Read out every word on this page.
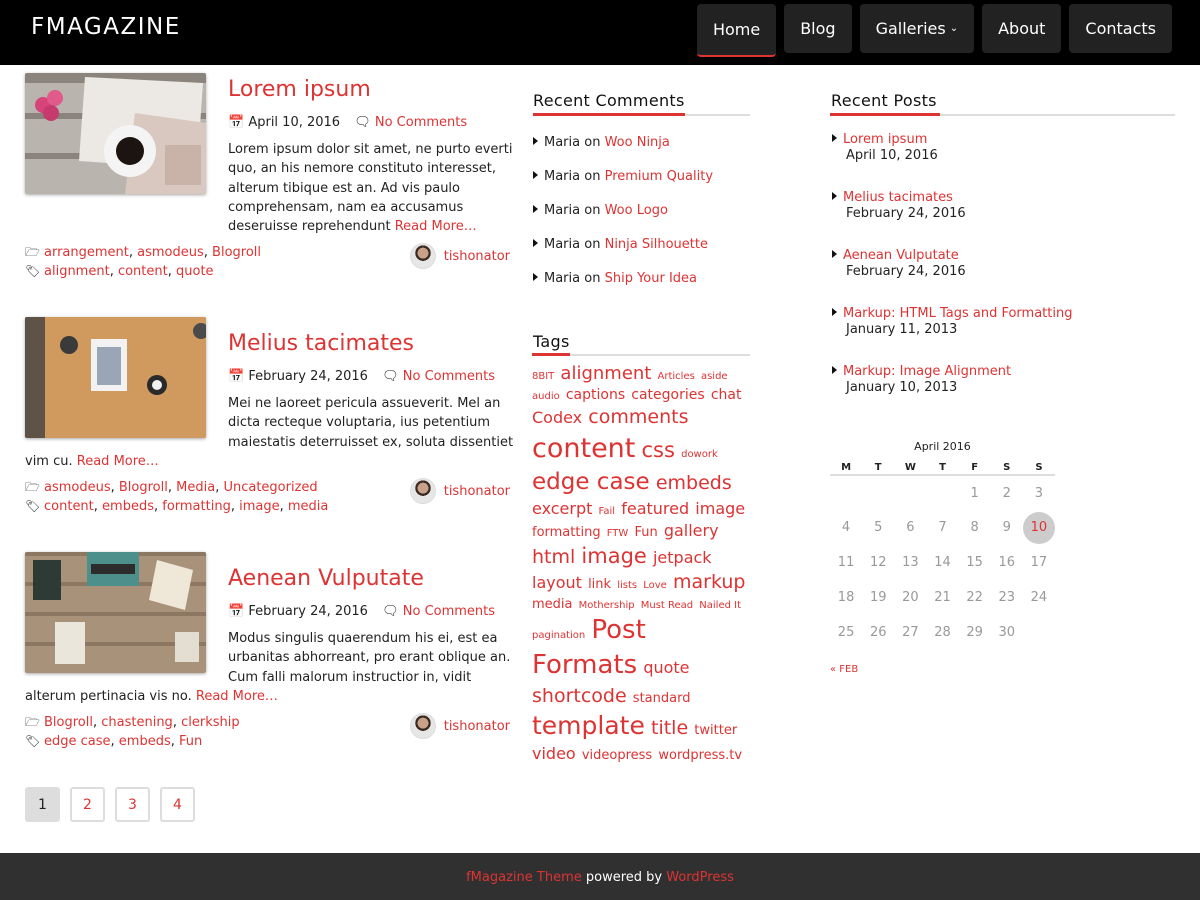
FMAGAZINE	Home	Blog	Galleries ⌄	About	Contacts
Lorem ipsum
📅 April 10, 2016 🗨 No Comments
Lorem ipsum dolor sit amet, ne purto everti quo, an his nemore constituto interesset, alterum tibique est an. Ad vis paulo comprehensam, nam ea accusamus deseruisse reprehendunt Read More…
🗁 arrangement, asmodeus, Blogroll
🏷 alignment, content, quote
tishonator
Melius tacimates
📅 February 24, 2016 🗨 No Comments
Mei ne laoreet pericula assueverit. Mel an dicta recteque voluptaria, ius petentium maiestatis deterruisset ex, soluta dissentiet vim cu. Read More…
🗁 asmodeus, Blogroll, Media, Uncategorized
🏷 content, embeds, formatting, image, media
tishonator
Aenean Vulputate
📅 February 24, 2016 🗨 No Comments
Modus singulis quaerendum his ei, est ea urbanitas abhorreant, pro erant oblique an. Cum falli malorum instructior in, vidit alterum pertinacia vis no. Read More…
🗁 Blogroll, chastening, clerkship
🏷 edge case, embeds, Fun
tishonator
1	2	3	4
Recent Comments
Maria on Woo Ninja
Maria on Premium Quality
Maria on Woo Logo
Maria on Ninja Silhouette
Maria on Ship Your Idea
Tags
8BIT alignment Articles aside audio captions categories chat Codex comments content css dowork edge case embeds excerpt Fail featured image formatting FTW Fun gallery html image jetpack layout link lists Love markup media Mothership Must Read Nailed It pagination Post Formats quote shortcode standard template title twitter video videopress wordpress.tv
Recent Posts
Lorem ipsum
April 10, 2016
Melius tacimates
February 24, 2016
Aenean Vulputate
February 24, 2016
Markup: HTML Tags and Formatting
January 11, 2013
Markup: Image Alignment
January 10, 2013
April 2016
M	T	W	T	F	S	S
				1	2	3
4	5	6	7	8	9	10
11	12	13	14	15	16	17
18	19	20	21	22	23	24
25	26	27	28	29	30	
« FEB
fMagazine Theme powered by WordPress
